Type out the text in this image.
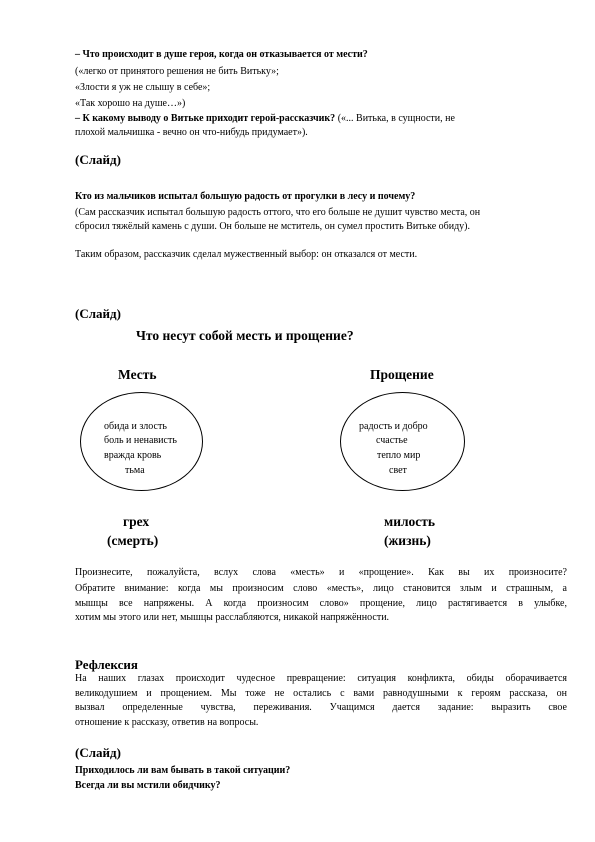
– Что происходит в душе героя, когда он отказывается от мести?
(«легко от принятого решения не бить Витьку»;
«Злости я уж не слышу в себе»;
«Так хорошо на душе…»)
– К какому выводу о Витьке приходит герой-рассказчик? («... Витька, в сущности, не
плохой мальчишка - вечно он что-нибудь придумает»).
(Слайд)
Кто из мальчиков испытал большую радость от прогулки в лесу и почему?
(Сам рассказчик испытал большую радость оттого, что его больше не душит чувство места, он
сбросил тяжёлый камень с души. Он больше не мститель, он сумел простить Витьке обиду).
Таким образом, рассказчик сделал мужественный выбор: он отказался от мести.
(Слайд)
Что несут собой месть и прощение?
Месть	Прощение
обида и злость
боль и ненависть
вражда кровь
тьма
радость и добро
счастье
тепло мир
свет
грех
(смерть)
милость
(жизнь)
Произнесите, пожалуйста, вслух слова «месть» и «прощение». Как вы их произносите?
Обратите внимание: когда мы произносим слово «месть», лицо становится злым и страшным, а
мышцы все напряжены. А когда произносим слово» прощение, лицо растягивается в улыбке,
хотим мы этого или нет, мышцы расслабляются, никакой напряжённости.
Рефлексия
На наших глазах происходит чудесное превращение: ситуация конфликта, обиды оборачивается
великодушием и прощением. Мы тоже не остались с вами равнодушными к героям рассказа, он
вызвал определенные чувства, переживания. Учащимся дается задание: выразить свое
отношение к рассказу, ответив на вопросы.
(Слайд)
Приходилось ли вам бывать в такой ситуации?
Всегда ли вы мстили обидчику?
